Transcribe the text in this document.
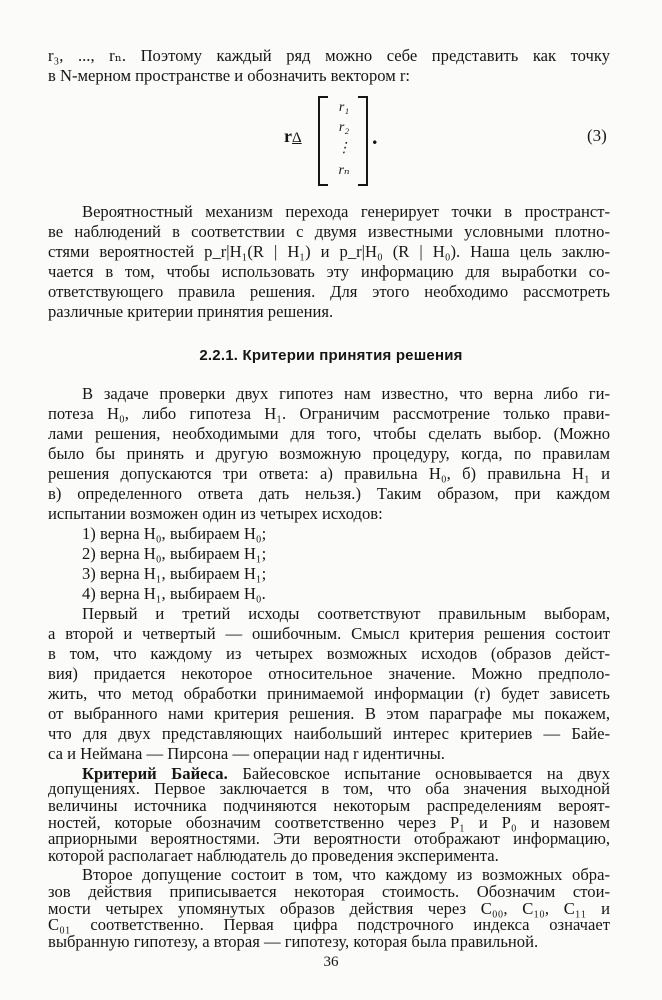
r₃, ..., rₙ. Поэтому каждый ряд можно себе представить как точку
в N-мерном пространстве и обозначить вектором r:
rΔ
r₁
r₂
⋮
rₙ
.	(3)
Вероятностный механизм перехода генерирует точки в пространст-
ве наблюдений в соответствии с двумя известными условными плотно-
стями вероятностей p_r|H₁(R | H₁) и p_r|H₀ (R | H₀). Наша цель заклю-
чается в том, чтобы использовать эту информацию для выработки со-
ответствующего правила решения. Для этого необходимо рассмотреть
различные критерии принятия решения.
2.2.1. Критерии принятия решения
В задаче проверки двух гипотез нам известно, что верна либо ги-
потеза H₀, либо гипотеза H₁. Ограничим рассмотрение только прави-
лами решения, необходимыми для того, чтобы сделать выбор. (Можно
было бы принять и другую возможную процедуру, когда, по правилам
решения допускаются три ответа: а) правильна H₀, б) правильна H₁ и
в) определенного ответа дать нельзя.) Таким образом, при каждом
испытании возможен один из четырех исходов:
1) верна H₀, выбираем H₀;
2) верна H₀, выбираем H₁;
3) верна H₁, выбираем H₁;
4) верна H₁, выбираем H₀.
Первый и третий исходы соответствуют правильным выборам,
а второй и четвертый — ошибочным. Смысл критерия решения состоит
в том, что каждому из четырех возможных исходов (образов дейст-
вия) придается некоторое относительное значение. Можно предполо-
жить, что метод обработки принимаемой информации (r) будет зависеть
от выбранного нами критерия решения. В этом параграфе мы покажем,
что для двух представляющих наибольший интерес критериев — Байе-
са и Неймана — Пирсона — операции над r идентичны.
Критерий Байеса. Байесовское испытание основывается на двух
допущениях. Первое заключается в том, что оба значения выходной
величины источника подчиняются некоторым распределениям вероят-
ностей, которые обозначим соответственно через P₁ и P₀ и назовем
априорными вероятностями. Эти вероятности отображают информацию,
которой располагает наблюдатель до проведения эксперимента.
Второе допущение состоит в том, что каждому из возможных обра-
зов действия приписывается некоторая стоимость. Обозначим стои-
36
мости четырех упомянутых образов действия через C₀₀, C₁₀, C₁₁ и
C₀₁ соответственно. Первая цифра подстрочного индекса означает
выбранную гипотезу, а вторая — гипотезу, которая была правильной.
